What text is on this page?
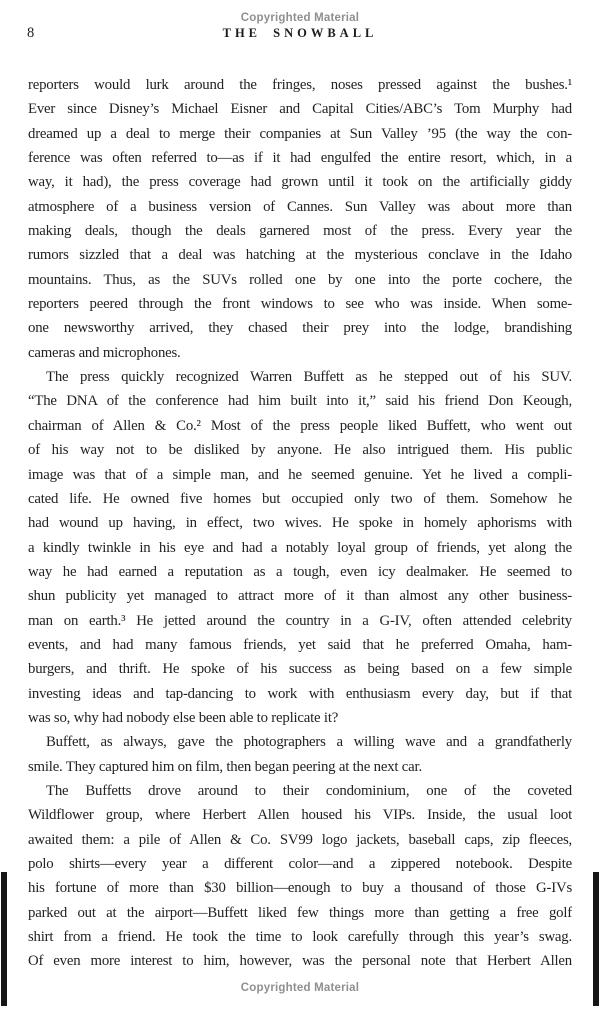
Copyrighted Material
8	THE SNOWBALL
reporters would lurk around the fringes, noses pressed against the bushes.¹
Ever since Disney’s Michael Eisner and Capital Cities/ABC’s Tom Murphy had
dreamed up a deal to merge their companies at Sun Valley ’95 (the way the con-
ference was often referred to—as if it had engulfed the entire resort, which, in a
way, it had), the press coverage had grown until it took on the artificially giddy
atmosphere of a business version of Cannes. Sun Valley was about more than
making deals, though the deals garnered most of the press. Every year the
rumors sizzled that a deal was hatching at the mysterious conclave in the Idaho
mountains. Thus, as the SUVs rolled one by one into the porte cochere, the
reporters peered through the front windows to see who was inside. When some-
one newsworthy arrived, they chased their prey into the lodge, brandishing
cameras and microphones.
The press quickly recognized Warren Buffett as he stepped out of his SUV.
“The DNA of the conference had him built into it,” said his friend Don Keough,
chairman of Allen & Co.² Most of the press people liked Buffett, who went out
of his way not to be disliked by anyone. He also intrigued them. His public
image was that of a simple man, and he seemed genuine. Yet he lived a compli-
cated life. He owned five homes but occupied only two of them. Somehow he
had wound up having, in effect, two wives. He spoke in homely aphorisms with
a kindly twinkle in his eye and had a notably loyal group of friends, yet along the
way he had earned a reputation as a tough, even icy dealmaker. He seemed to
shun publicity yet managed to attract more of it than almost any other business-
man on earth.³ He jetted around the country in a G-IV, often attended celebrity
events, and had many famous friends, yet said that he preferred Omaha, ham-
burgers, and thrift. He spoke of his success as being based on a few simple
investing ideas and tap-dancing to work with enthusiasm every day, but if that
was so, why had nobody else been able to replicate it?
Buffett, as always, gave the photographers a willing wave and a grandfatherly
smile. They captured him on film, then began peering at the next car.
The Buffetts drove around to their condominium, one of the coveted
Wildflower group, where Herbert Allen housed his VIPs. Inside, the usual loot
awaited them: a pile of Allen & Co. SV99 logo jackets, baseball caps, zip fleeces,
polo shirts—every year a different color—and a zippered notebook. Despite
his fortune of more than $30 billion—enough to buy a thousand of those G-IVs
parked out at the airport—Buffett liked few things more than getting a free golf
shirt from a friend. He took the time to look carefully through this year’s swag.
Of even more interest to him, however, was the personal note that Herbert Allen
Copyrighted Material
